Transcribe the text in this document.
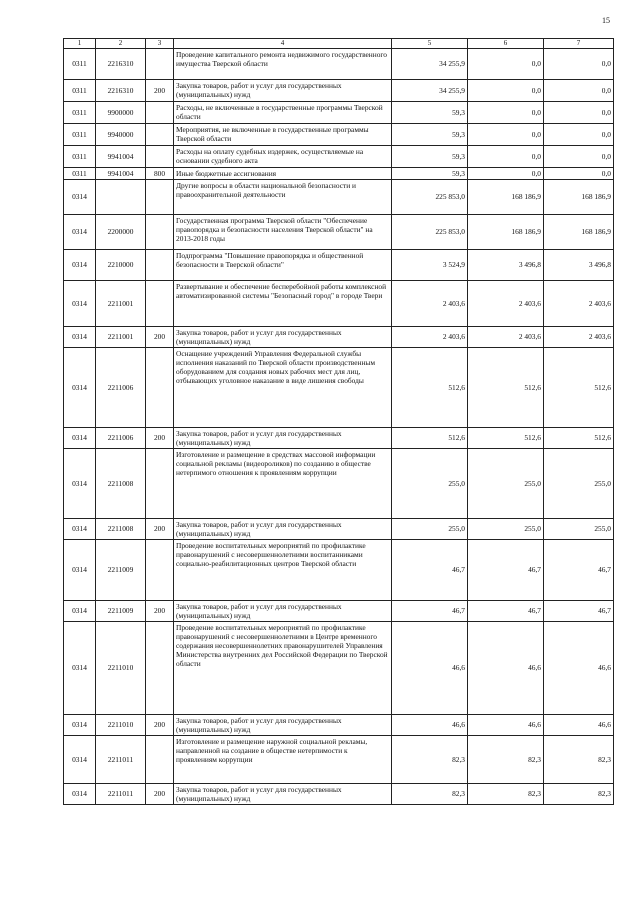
15
1	2	3	4	5	6	7
0311	2216310		Проведение капитального ремонта недвижимого государственного имущества Тверской области	34 255,9	0,0	0,0
0311	2216310	200	Закупка товаров, работ и услуг для государственных (муниципальных) нужд	34 255,9	0,0	0,0
0311	9900000		Расходы, не включенные в государственные программы Тверской области	59,3	0,0	0,0
0311	9940000		Мероприятия, не включенные в государственные программы Тверской области	59,3	0,0	0,0
0311	9941004		Расходы на оплату судебных издержек, осуществляемые на основании судебного акта	59,3	0,0	0,0
0311	9941004	800	Иные бюджетные ассигнования	59,3	0,0	0,0
0314			Другие вопросы в области национальной безопасности и правоохранительной деятельности	225 853,0	168 186,9	168 186,9
0314	2200000		Государственная программа Тверской области "Обеспечение правопорядка и безопасности населения Тверской области" на 2013-2018 годы	225 853,0	168 186,9	168 186,9
0314	2210000		Подпрограмма "Повышение правопорядка и общественной безопасности в Тверской области"	3 524,9	3 496,8	3 496,8
0314	2211001		Развертывание и обеспечение бесперебойной работы комплексной автоматизированной системы "Безопасный город" в городе Твери	2 403,6	2 403,6	2 403,6
0314	2211001	200	Закупка товаров, работ и услуг для государственных (муниципальных) нужд	2 403,6	2 403,6	2 403,6
0314	2211006		Оснащение учреждений Управления Федеральной службы исполнения наказаний по Тверской области производственным оборудованием для создания новых рабочих мест для лиц, отбывающих уголовное наказание в виде лишения свободы	512,6	512,6	512,6
0314	2211006	200	Закупка товаров, работ и услуг для государственных (муниципальных) нужд	512,6	512,6	512,6
0314	2211008		Изготовление и размещение в средствах массовой информации социальной рекламы (видеороликов) по созданию в обществе нетерпимого отношения к проявлениям коррупции	255,0	255,0	255,0
0314	2211008	200	Закупка товаров, работ и услуг для государственных (муниципальных) нужд	255,0	255,0	255,0
0314	2211009		Проведение воспитательных мероприятий по профилактике правонарушений с несовершеннолетними воспитанниками социально-реабилитационных центров Тверской области	46,7	46,7	46,7
0314	2211009	200	Закупка товаров, работ и услуг для государственных (муниципальных) нужд	46,7	46,7	46,7
0314	2211010		Проведение воспитательных мероприятий по профилактике правонарушений с несовершеннолетними в Центре временного содержания несовершеннолетних правонарушителей Управления Министерства внутренних дел Российской Федерации по Тверской области	46,6	46,6	46,6
0314	2211010	200	Закупка товаров, работ и услуг для государственных (муниципальных) нужд	46,6	46,6	46,6
0314	2211011		Изготовление и размещение наружной социальной рекламы, направленной на создание в обществе нетерпимости к проявлениям коррупции	82,3	82,3	82,3
0314	2211011	200	Закупка товаров, работ и услуг для государственных (муниципальных) нужд	82,3	82,3	82,3
